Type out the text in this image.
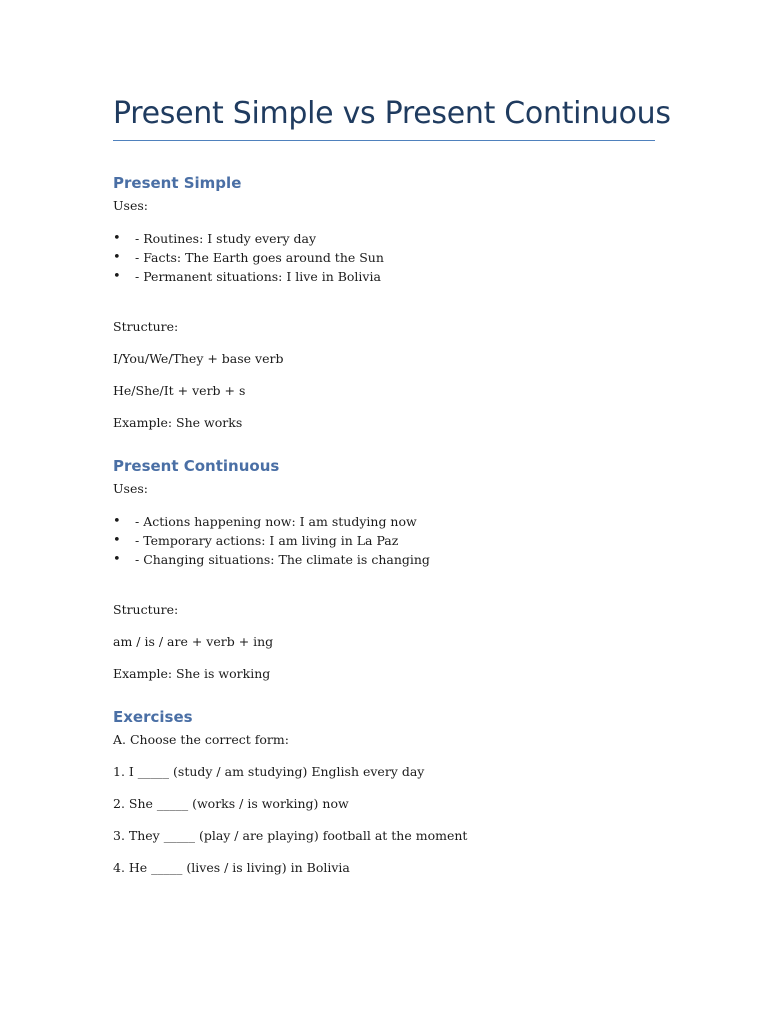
Present Simple vs Present Continuous
Present Simple

Uses:

•	- Routines: I study every day
•	- Facts: The Earth goes around the Sun
•	- Permanent situations: I live in Bolivia

Structure:

I/You/We/They + base verb

He/She/It + verb + s

Example: She works

Present Continuous

Uses:

•	- Actions happening now: I am studying now
•	- Temporary actions: I am living in La Paz
•	- Changing situations: The climate is changing

Structure:

am / is / are + verb + ing

Example: She is working

Exercises

A. Choose the correct form:

1. I _____ (study / am studying) English every day

2. She _____ (works / is working) now

3. They _____ (play / are playing) football at the moment

4. He _____ (lives / is living) in Bolivia
